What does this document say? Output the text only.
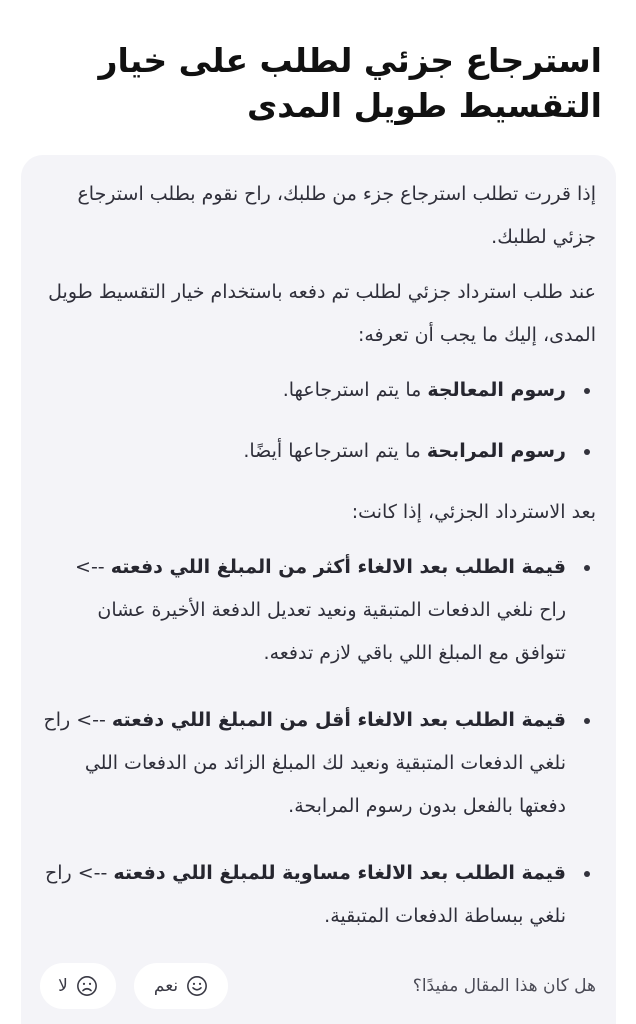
استرجاع جزئي لطلب على خيار التقسيط طويل المدى

إذا قررت تطلب استرجاع جزء من طلبك، راح نقوم بطلب استرجاع جزئي لطلبك.

عند طلب استرداد جزئي لطلب تم دفعه باستخدام خيار التقسيط طويل المدى، إليك ما يجب أن تعرفه:

رسوم المعالجة ما يتم استرجاعها.
رسوم المرابحة ما يتم استرجاعها أيضًا.

بعد الاسترداد الجزئي، إذا كانت:

قيمة الطلب بعد الالغاء أكثر من المبلغ اللي دفعته --> راح نلغي الدفعات المتبقية ونعيد تعديل الدفعة الأخيرة عشان تتوافق مع المبلغ اللي باقي لازم تدفعه.
قيمة الطلب بعد الالغاء أقل من المبلغ اللي دفعته --> راح نلغي الدفعات المتبقية ونعيد لك المبلغ الزائد من الدفعات اللي دفعتها بالفعل بدون رسوم المرابحة.
قيمة الطلب بعد الالغاء مساوية للمبلغ اللي دفعته --> راح نلغي ببساطة الدفعات المتبقية.
هل كان هذا المقال مفيدًا؟
نعم
لا
